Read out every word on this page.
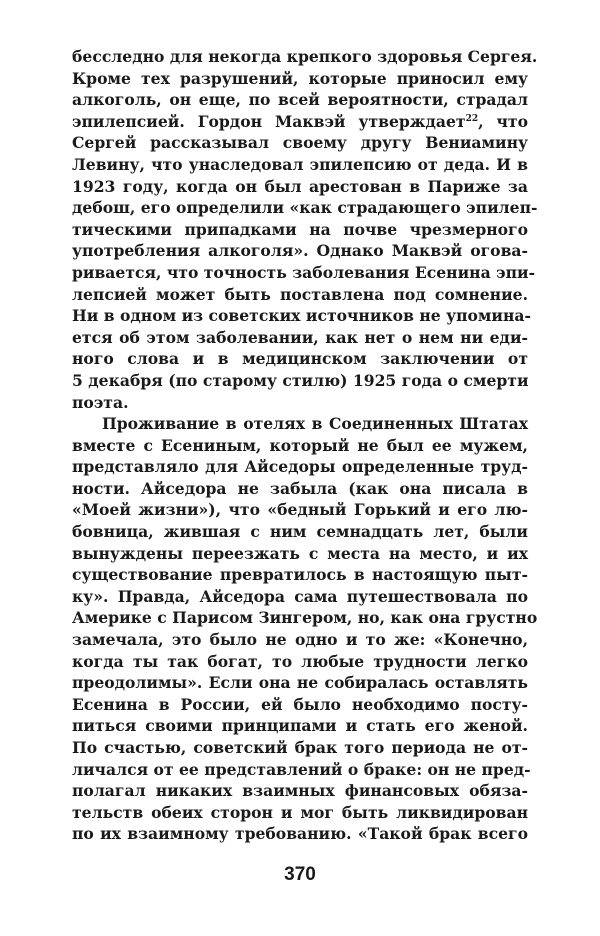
бесследно для некогда крепкого здоровья Сергея.
Кроме тех разрушений, которые приносил ему
алкоголь, он еще, по всей вероятности, страдал
эпилепсией. Гордон Маквэй утверждает$^{22}$, что
Сергей рассказывал своему другу Вениамину
Левину, что унаследовал эпилепсию от деда. И в
1923 году, когда он был арестован в Париже за
дебош, его определили «как страдающего эпилеп-
тическими припадками на почве чрезмерного
употребления алкоголя». Однако Маквэй огова-
ривается, что точность заболевания Есенина эпи-
лепсией может быть поставлена под сомнение.
Ни в одном из советских источников не упомина-
ется об этом заболевании, как нет о нем ни еди-
ного слова и в медицинском заключении от
5 декабря (по старому стилю) 1925 года о смерти
поэта.
Проживание в отелях в Соединенных Штатах
вместе с Есениным, который не был ее мужем,
представляло для Айседоры определенные труд-
ности. Айседора не забыла (как она писала в
«Моей жизни»), что «бедный Горький и его лю-
бовница, жившая с ним семнадцать лет, были
вынуждены переезжать с места на место, и их
существование превратилось в настоящую пыт-
ку». Правда, Айседора сама путешествовала по
Америке с Парисом Зингером, но, как она грустно
замечала, это было не одно и то же: «Конечно,
когда ты так богат, то любые трудности легко
преодолимы». Если она не собиралась оставлять
Есенина в России, ей было необходимо посту-
питься своими принципами и стать его женой.
По счастью, советский брак того периода не от-
личался от ее представлений о браке: он не пред-
полагал никаких взаимных финансовых обяза-
тельств обеих сторон и мог быть ликвидирован
по их взаимному требованию. «Такой брак всего
370
